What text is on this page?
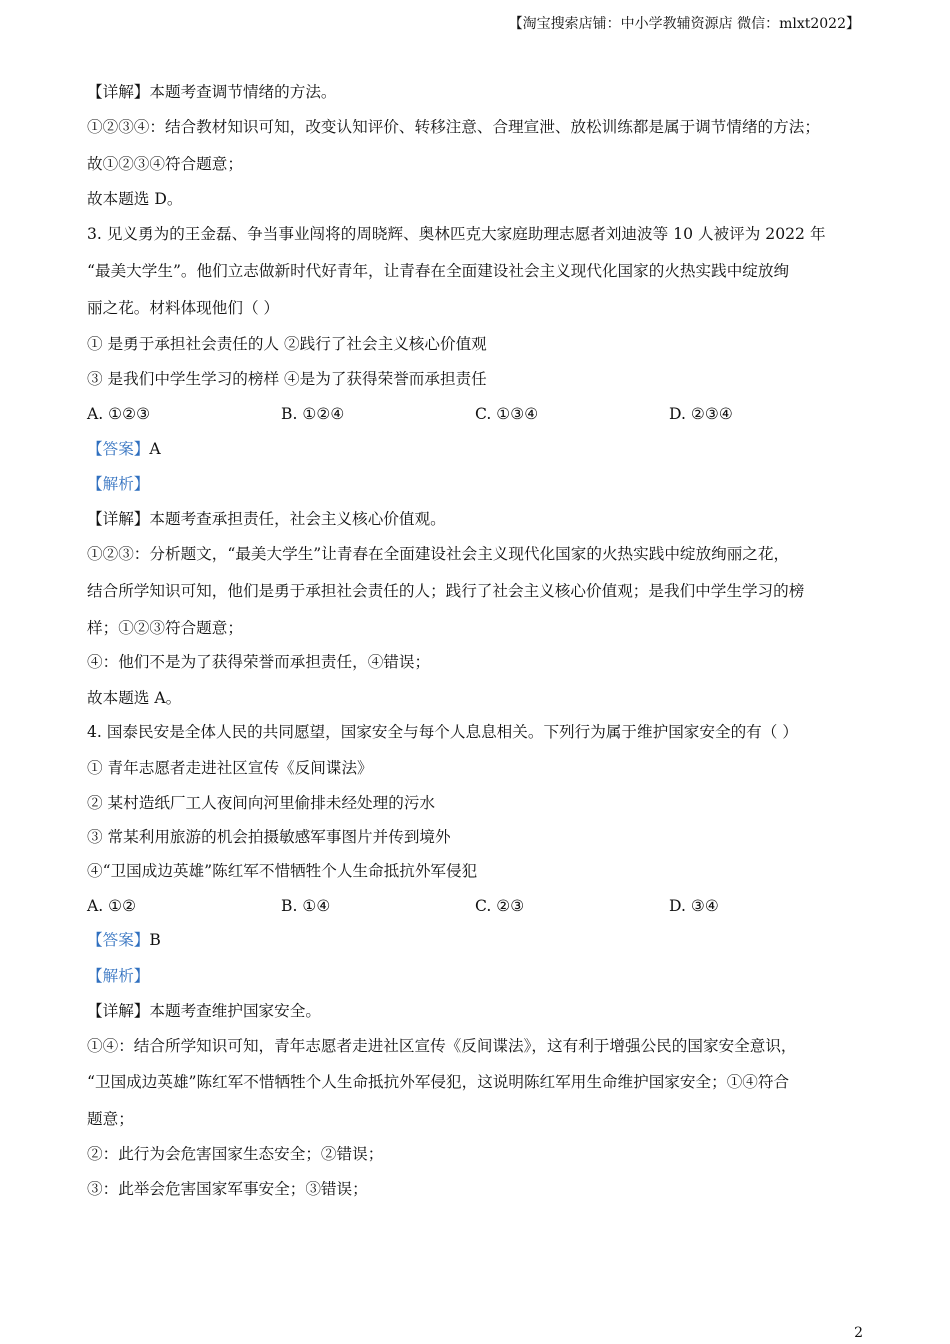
【淘宝搜索店铺：中小学教辅资源店 微信：mlxt2022】
【详解】本题考查调节情绪的方法。
①②③④：结合教材知识可知，改变认知评价、转移注意、合理宣泄、放松训练都是属于调节情绪的方法；
故①②③④符合题意；
故本题选 D。
3. 见义勇为的王金磊、争当事业闯将的周晓辉、奥林匹克大家庭助理志愿者刘迪波等 10 人被评为 2022 年
“最美大学生”。他们立志做新时代好青年，让青春在全面建设社会主义现代化国家的火热实践中绽放绚
丽之花。材料体现他们（ ）
① 是勇于承担社会责任的人 ②践行了社会主义核心价值观
③ 是我们中学生学习的榜样 ④是为了获得荣誉而承担责任
A. ①②③	B. ①②④	C. ①③④	D. ②③④
【答案】A
【解析】
【详解】本题考查承担责任，社会主义核心价值观。
①②③：分析题文，“最美大学生”让青春在全面建设社会主义现代化国家的火热实践中绽放绚丽之花，
结合所学知识可知，他们是勇于承担社会责任的人；践行了社会主义核心价值观；是我们中学生学习的榜
样；①②③符合题意；
④：他们不是为了获得荣誉而承担责任，④错误；
故本题选 A。
4. 国泰民安是全体人民的共同愿望，国家安全与每个人息息相关。下列行为属于维护国家安全的有（ ）
① 青年志愿者走进社区宣传《反间谍法》
② 某村造纸厂工人夜间向河里偷排未经处理的污水
③ 常某利用旅游的机会拍摄敏感军事图片并传到境外
④“卫国成边英雄”陈红军不惜牺牲个人生命抵抗外军侵犯
A. ①②	B. ①④	C. ②③	D. ③④
【答案】B
【解析】
【详解】本题考查维护国家安全。
①④：结合所学知识可知，青年志愿者走进社区宣传《反间谍法》，这有利于增强公民的国家安全意识，
“卫国成边英雄”陈红军不惜牺牲个人生命抵抗外军侵犯，这说明陈红军用生命维护国家安全；①④符合
题意；
②：此行为会危害国家生态安全；②错误；
③：此举会危害国家军事安全；③错误；
2
